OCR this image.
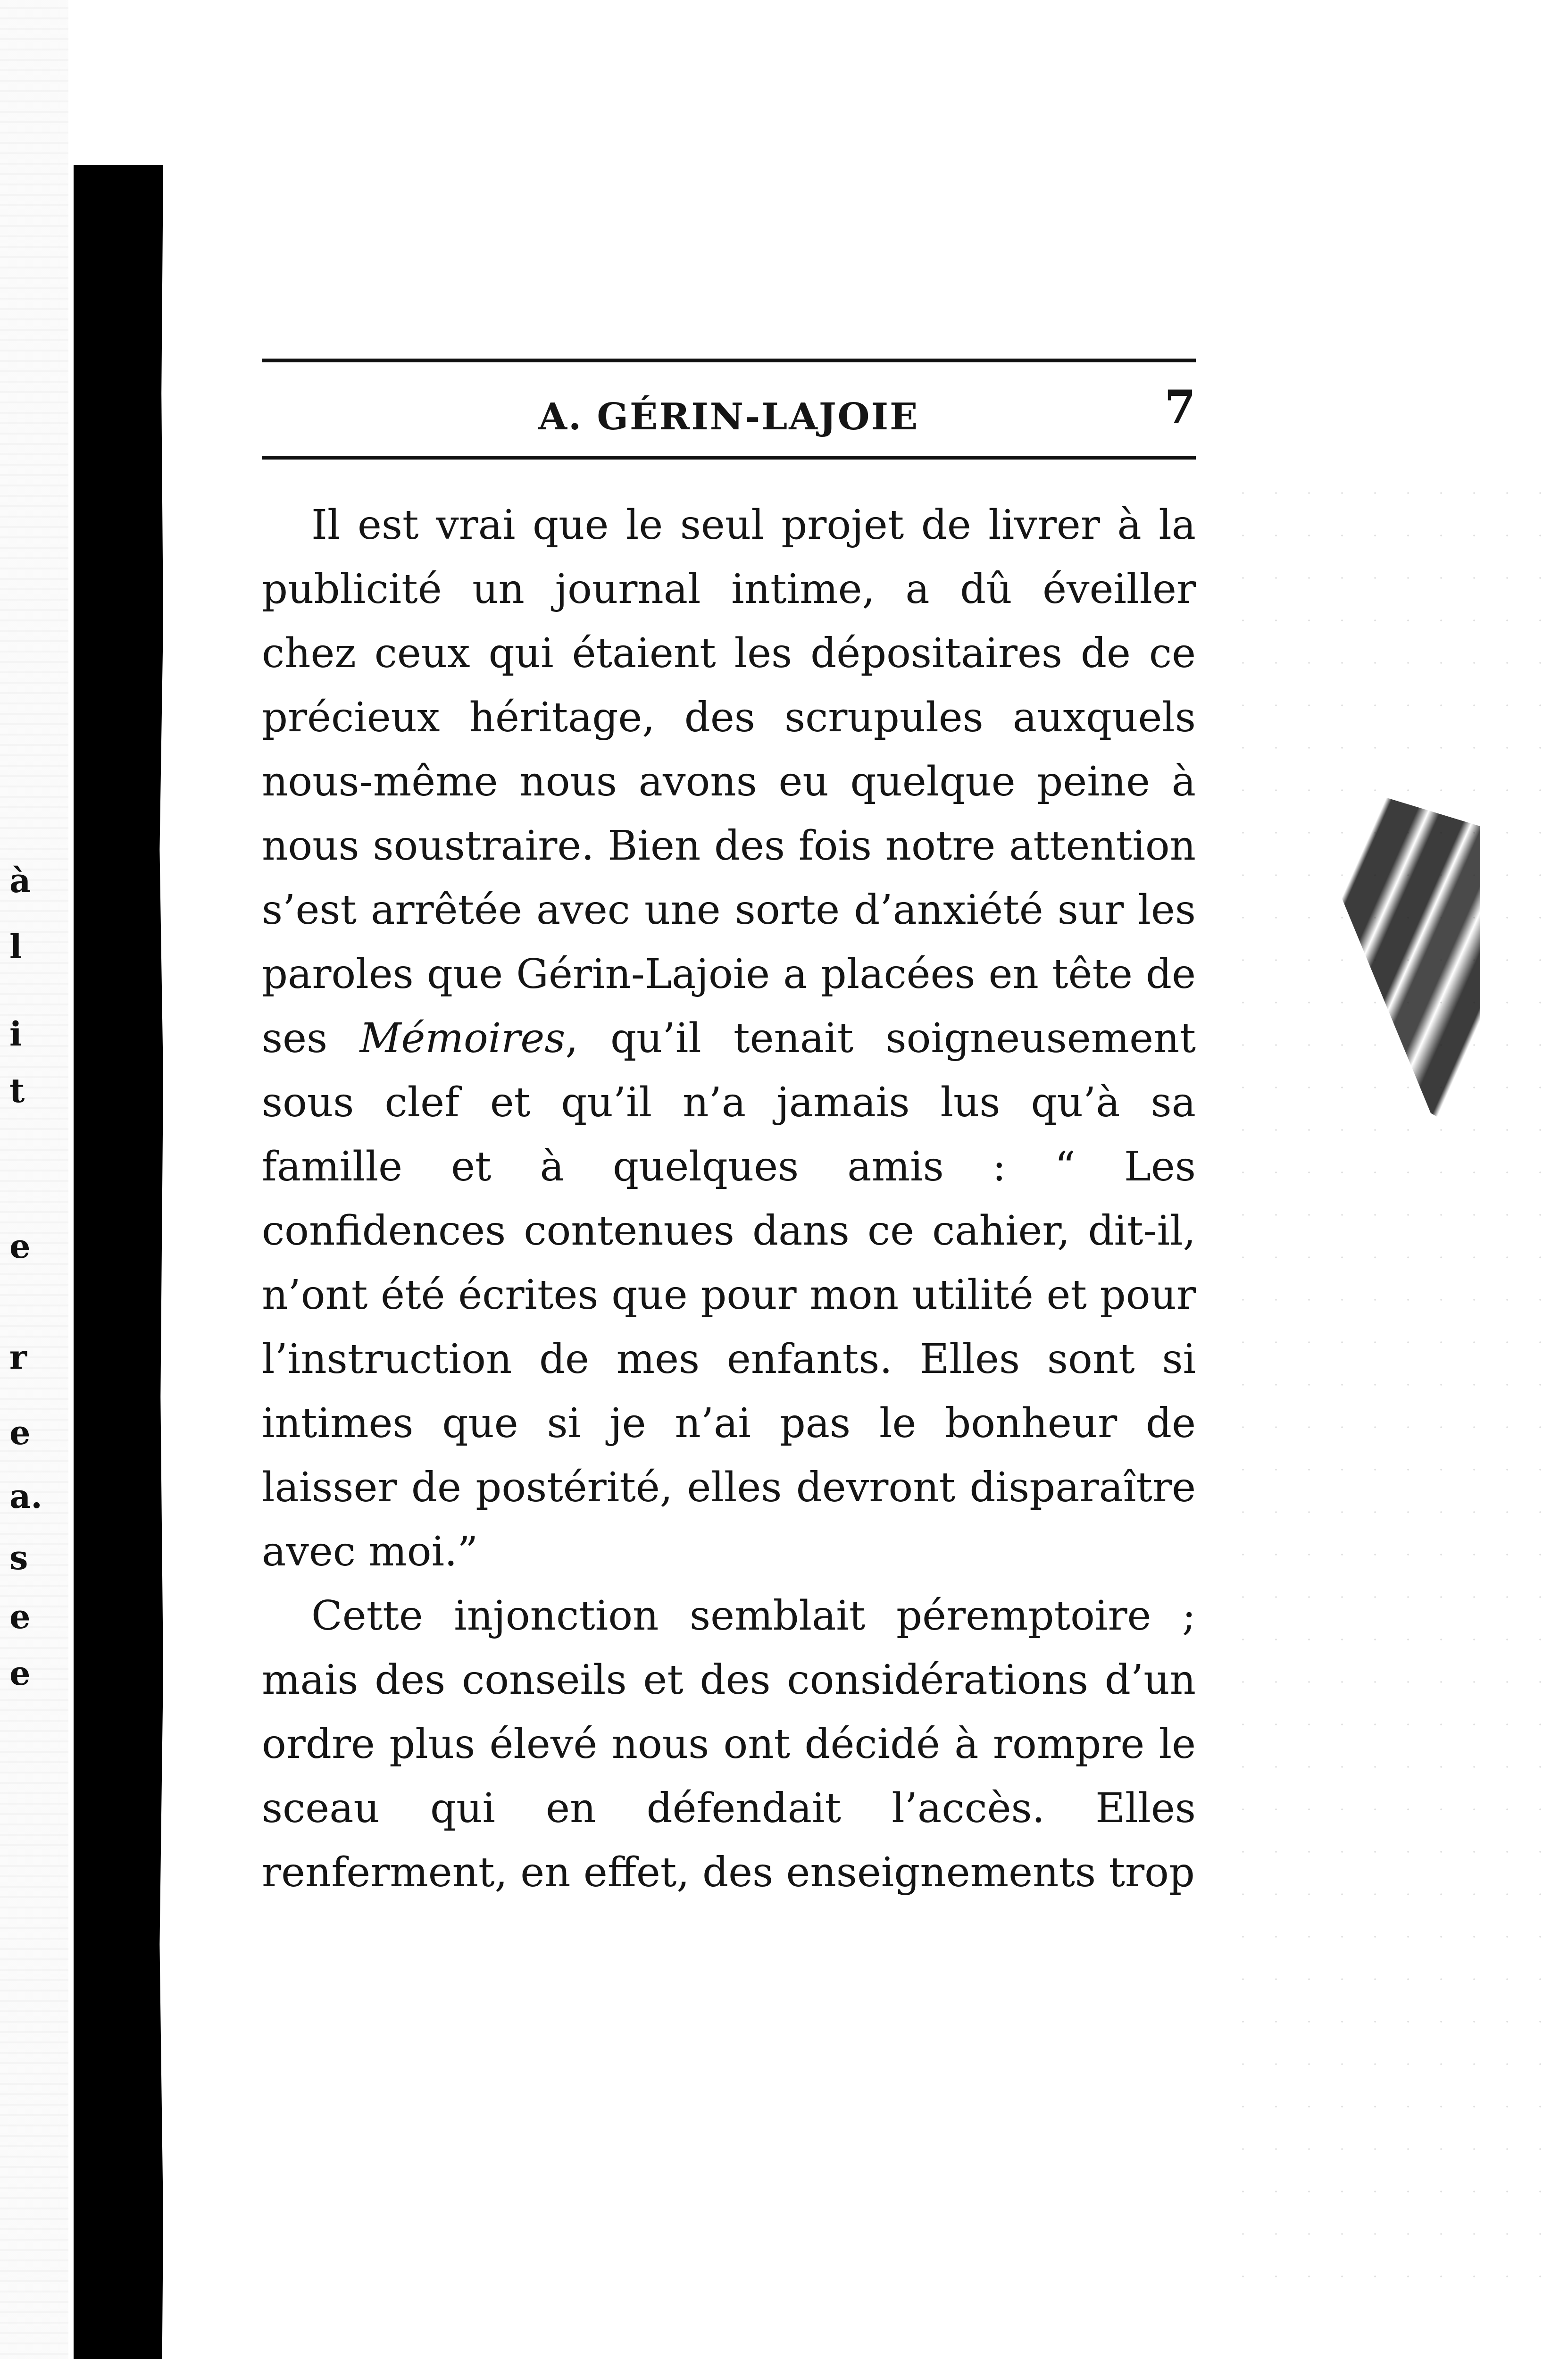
à
l
i
t
e
r
e
a.
s
e
e
A. GÉRIN-LAJOIE	7

Il est vrai que le seul projet de livrer à la publicité un journal intime, a dû éveiller chez ceux qui étaient les dépositaires de ce précieux héritage, des scrupules auxquels nous-même nous avons eu quelque peine à nous soustraire. Bien des fois notre attention s’est arrêtée avec une sorte d’anxiété sur les paroles que Gérin-Lajoie a placées en tête de ses Mémoires, qu’il tenait soigneusement sous clef et qu’il n’a jamais lus qu’à sa famille et à quelques amis : “ Les confidences contenues dans ce cahier, dit-il, n’ont été écrites que pour mon utilité et pour l’instruction de mes enfants. Elles sont si intimes que si je n’ai pas le bonheur de laisser de postérité, elles devront disparaître avec moi.”

Cette injonction semblait péremptoire ; mais des conseils et des considérations d’un ordre plus élevé nous ont décidé à rompre le sceau qui en défendait l’accès. Elles renferment, en effet, des enseignements trop
